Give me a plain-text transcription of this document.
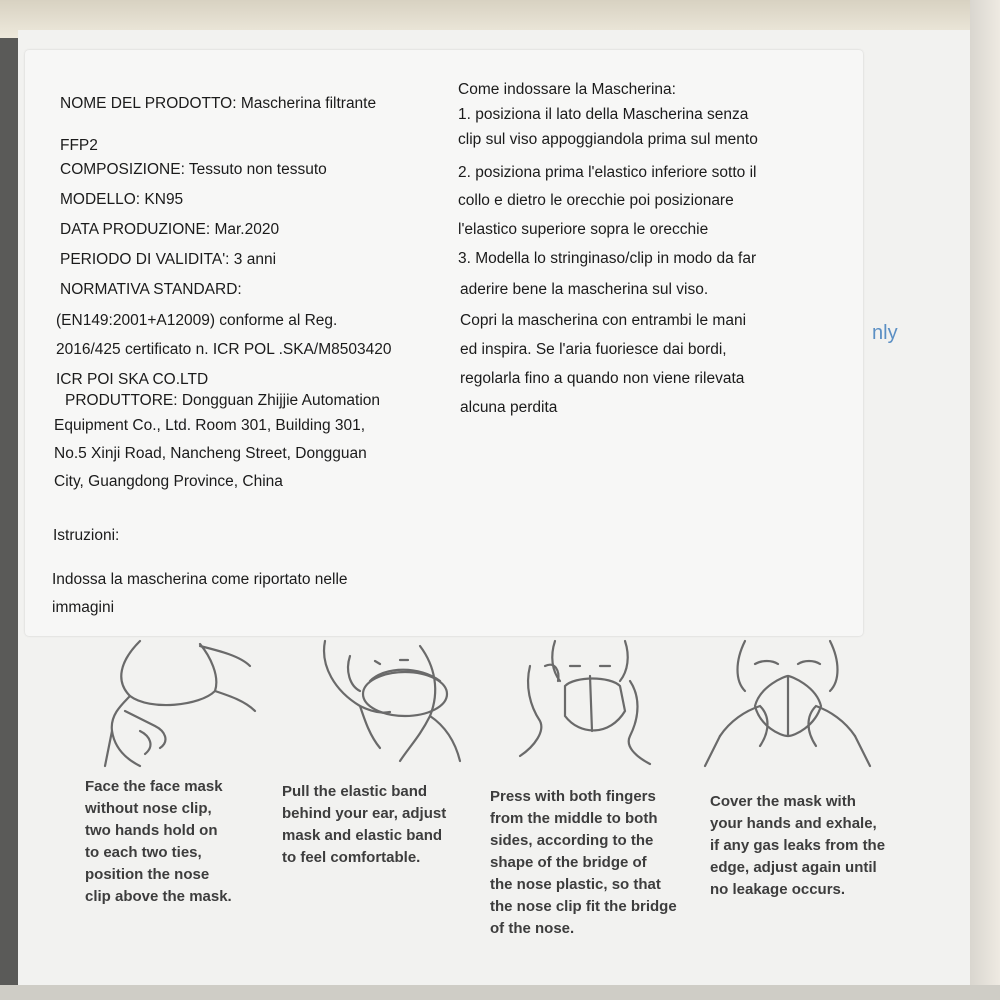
nly
NOME DEL PRODOTTO: Mascherina filtrante
FFP2
COMPOSIZIONE: Tessuto non tessuto
MODELLO: KN95
DATA PRODUZIONE: Mar.2020
PERIODO DI VALIDITA': 3 anni
NORMATIVA STANDARD:
(EN149:2001+A12009) conforme al Reg.
2016/425 certificato n. ICR POL .SKA/M8503420
ICR POI SKA CO.LTD
PRODUTTORE: Dongguan Zhijjie Automation
Equipment Co., Ltd. Room 301, Building 301,
No.5 Xinji Road, Nancheng Street, Dongguan
City, Guangdong Province, China
Istruzioni:
Indossa la mascherina come riportato nelle
immagini
Come indossare la Mascherina:
1. posiziona il lato della Mascherina senza
clip sul viso appoggiandola prima sul mento
2. posiziona prima l'elastico inferiore sotto il
collo e dietro le orecchie poi posizionare
l'elastico superiore sopra le orecchie
3. Modella lo stringinaso/clip in modo da far
aderire bene la mascherina sul viso.
Copri la mascherina con entrambi le mani
ed inspira. Se l'aria fuoriesce dai bordi,
regolarla fino a quando non viene rilevata
alcuna perdita
Face the face mask
without nose clip,
two hands hold on
to each two ties,
position the nose
clip above the mask.
Pull the elastic band
behind your ear, adjust
mask and elastic band
to feel comfortable.
Press with both fingers
from the middle to both
sides, according to the
shape of the bridge of
the nose plastic, so that
the nose clip fit the bridge
of the nose.
Cover the mask with
your hands and exhale,
if any gas leaks from the
edge, adjust again until
no leakage occurs.
